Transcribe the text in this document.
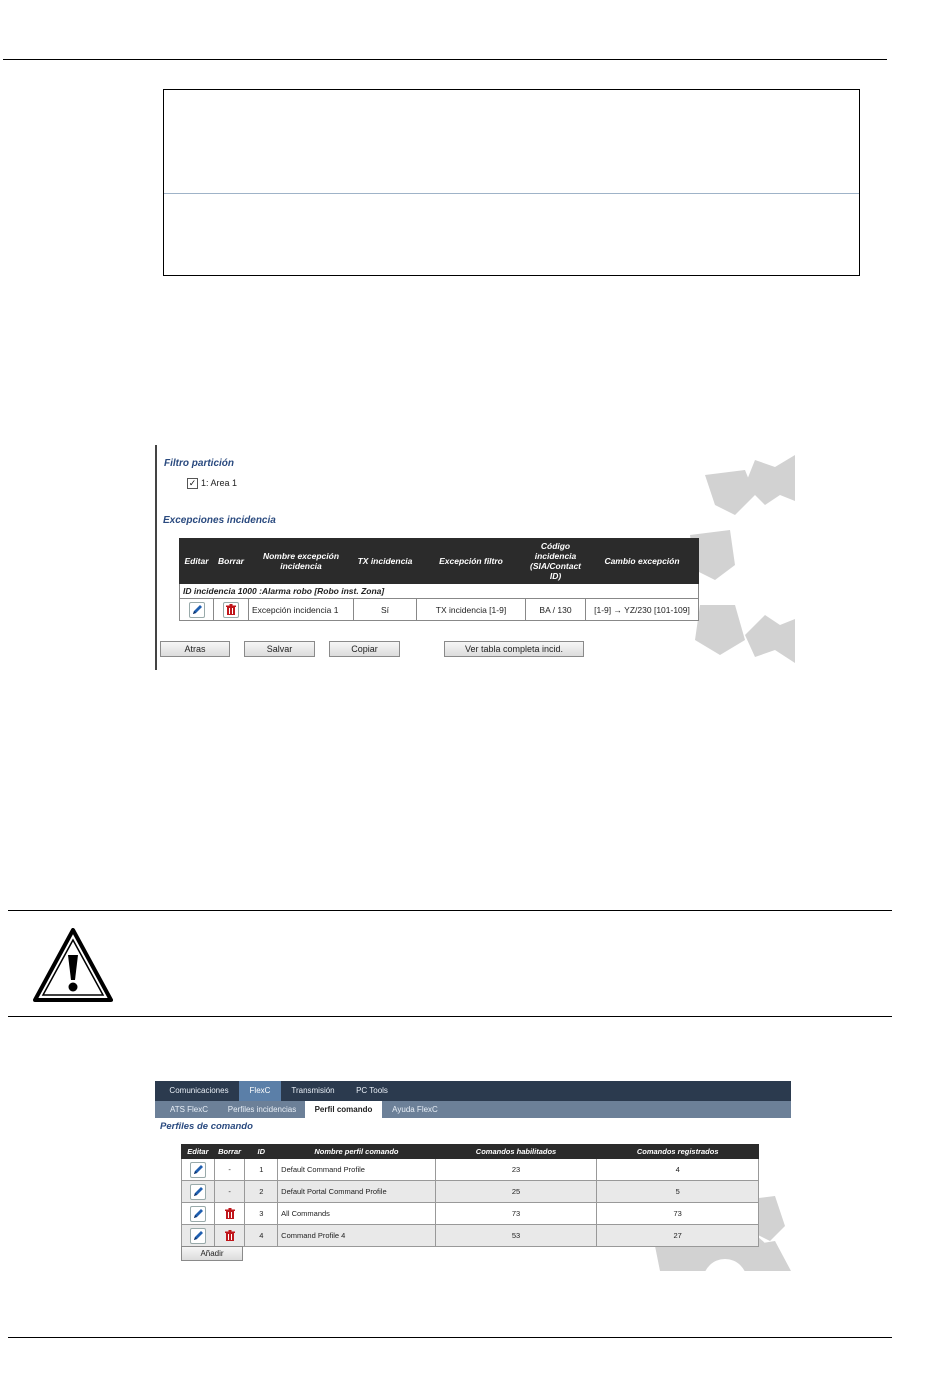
Filtro partición
✓ 1: Area 1
Excepciones incidencia
Editar	Borrar	Nombre excepción incidencia	TX incidencia	Excepción filtro	Código incidencia (SIA/Contact ID)	Cambio excepción
ID incidencia 1000 :Alarma robo [Robo inst. Zona]						
		Excepción incidencia 1	Sí	TX incidencia [1-9]	BA / 130	[1-9] → YZ/230 [101-109]
Atras	Salvar	Copiar	Ver tabla completa incid.
Comunicaciones	FlexC	Transmisión	PC Tools
ATS FlexC	Perfiles incidencias	Perfil comando	Ayuda FlexC
Perfiles de comando
Editar	Borrar	ID	Nombre perfil comando	Comandos habilitados	Comandos registrados
	-	1	Default Command Profile	23	4
	-	2	Default Portal Command Profile	25	5
		3	All Commands	73	73
		4	Command Profile 4	53	27
Añadir
